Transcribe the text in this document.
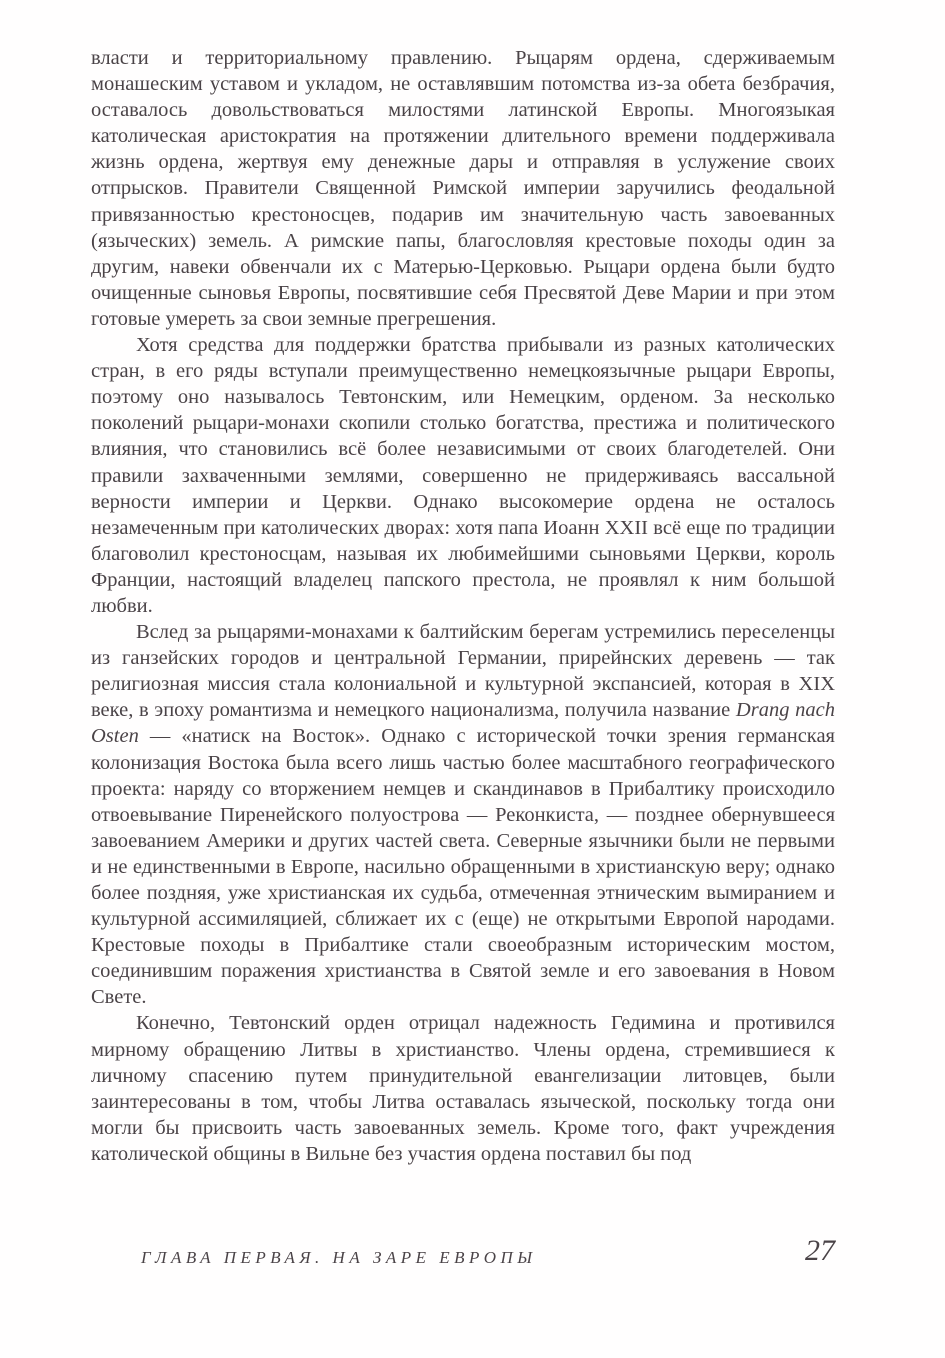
власти и территориальному правлению. Рыцарям ордена, сдерживаемым монашеским уставом и укладом, не оставлявшим потомства из-за обета безбрачия, оставалось довольствоваться милостями латинской Европы. Многоязыкая католическая аристократия на протяжении длительного времени поддерживала жизнь ордена, жертвуя ему денежные дары и отправляя в услужение своих отпрысков. Правители Священной Римской империи заручились феодальной привязанностью крестоносцев, подарив им значительную часть завоеванных (языческих) земель. А римские папы, благословляя крестовые походы один за другим, навеки обвенчали их с Матерью-Церковью. Рыцари ордена были будто очищенные сыновья Европы, посвятившие себя Пресвятой Деве Марии и при этом готовые умереть за свои земные прегрешения.

Хотя средства для поддержки братства прибывали из разных католических стран, в его ряды вступали преимущественно немецкоязычные рыцари Европы, поэтому оно называлось Тевтонским, или Немецким, орденом. За несколько поколений рыцари-монахи скопили столько богатства, престижа и политического влияния, что становились всё более независимыми от своих благодетелей. Они правили захваченными землями, совершенно не придерживаясь вассальной верности империи и Церкви. Однако высокомерие ордена не осталось незамеченным при католических дворах: хотя папа Иоанн XXII всё еще по традиции благоволил крестоносцам, называя их любимейшими сыновьями Церкви, король Франции, настоящий владелец папского престола, не проявлял к ним большой любви.

Вслед за рыцарями-монахами к балтийским берегам устремились переселенцы из ганзейских городов и центральной Германии, прирейнских деревень — так религиозная миссия стала колониальной и культурной экспансией, которая в XIX веке, в эпоху романтизма и немецкого национализма, получила название Drang nach Osten — «натиск на Восток». Однако с исторической точки зрения германская колонизация Востока была всего лишь частью более масштабного географического проекта: наряду со вторжением немцев и скандинавов в Прибалтику происходило отвоевывание Пиренейского полуострова — Реконкиста, — позднее обернувшееся завоеванием Америки и других частей света. Северные язычники были не первыми и не единственными в Европе, насильно обращенными в христианскую веру; однако более поздняя, уже христианская их судьба, отмеченная этническим вымиранием и культурной ассимиляцией, сближает их с (еще) не открытыми Европой народами. Крестовые походы в Прибалтике стали своеобразным историческим мостом, соединившим поражения христианства в Святой земле и его завоевания в Новом Свете.

Конечно, Тевтонский орден отрицал надежность Гедимина и противился мирному обращению Литвы в христианство. Члены ордена, стремившиеся к личному спасению путем принудительной евангелизации литовцев, были заинтересованы в том, чтобы Литва оставалась языческой, поскольку тогда они могли бы присвоить часть завоеванных земель. Кроме того, факт учреждения католической общины в Вильне без участия ордена поставил бы под

ГЛАВА ПЕРВАЯ. НА ЗАРЕ ЕВРОПЫ	27
